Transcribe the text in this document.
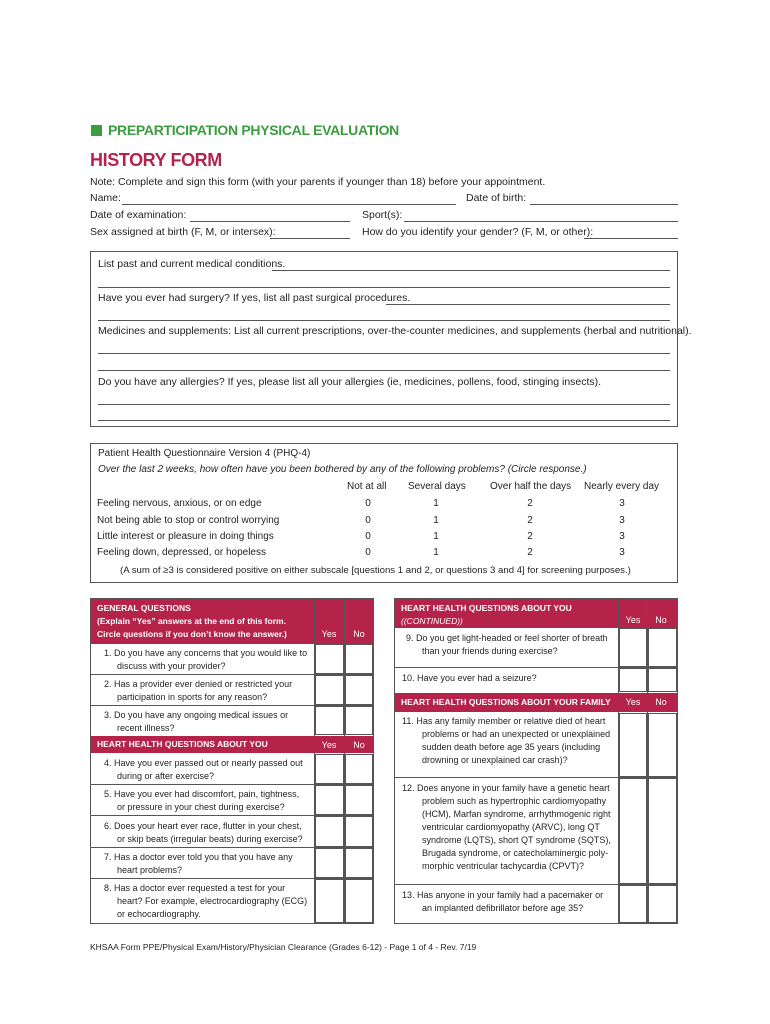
PREPARTICIPATION PHYSICAL EVALUATION
HISTORY FORM
Note: Complete and sign this form (with your parents if younger than 18) before your appointment.
Name:	Date of birth:
Date of examination:	Sport(s):
Sex assigned at birth (F, M, or intersex):	How do you identify your gender? (F, M, or other):
List past and current medical conditions.
Have you ever had surgery? If yes, list all past surgical procedures.
Medicines and supplements: List all current prescriptions, over-the-counter medicines, and supplements (herbal and nutritional).
Do you have any allergies? If yes, please list all your allergies (ie, medicines, pollens, food, stinging insects).
Patient Health Questionnaire Version 4 (PHQ-4)
Over the last 2 weeks, how often have you been bothered by any of the following problems? (Circle response.)
Not at all Several days Over half the days Nearly every day
Feeling nervous, anxious, or on edge	0	1	2	3
Not being able to stop or control worrying	0	1	2	3
Little interest or pleasure in doing things	0	1	2	3
Feeling down, depressed, or hopeless	0	1	2	3
(A sum of ≥3 is considered positive on either subscale [questions 1 and 2, or questions 3 and 4] for screening purposes.)
GENERAL QUESTIONS
(Explain “Yes” answers at the end of this form.
Circle questions if you don’t know the answer.)	Yes	No
1. Do you have any concerns that you would like to
discuss with your provider?
2. Has a provider ever denied or restricted your
participation in sports for any reason?
3. Do you have any ongoing medical issues or
recent illness?
HEART HEALTH QUESTIONS ABOUT YOU	Yes	No
4. Have you ever passed out or nearly passed out
during or after exercise?
5. Have you ever had discomfort, pain, tightness,
or pressure in your chest during exercise?
6. Does your heart ever race, flutter in your chest,
or skip beats (irregular beats) during exercise?
7. Has a doctor ever told you that you have any
heart problems?
8. Has a doctor ever requested a test for your
heart? For example, electrocardiography (ECG)
or echocardiography.
HEART HEALTH QUESTIONS ABOUT YOU
((CONTINUED))	Yes	No
9. Do you get light-headed or feel shorter of breath
than your friends during exercise?
10. Have you ever had a seizure?
HEART HEALTH QUESTIONS ABOUT YOUR FAMILY	Yes	No
11. Has any family member or relative died of heart
problems or had an unexpected or unexplained
sudden death before age 35 years (including
drowning or unexplained car crash)?
12. Does anyone in your family have a genetic heart
problem such as hypertrophic cardiomyopathy
(HCM), Marfan syndrome, arrhythmogenic right
ventricular cardiomyopathy (ARVC), long QT
syndrome (LQTS), short QT syndrome (SQTS),
Brugada syndrome, or catecholaminergic poly-
morphic ventricular tachycardia (CPVT)?
13. Has anyone in your family had a pacemaker or
an implanted defibrillator before age 35?
KHSAA Form PPE/Physical Exam/History/Physician Clearance (Grades 6-12) - Page 1 of 4 - Rev. 7/19
